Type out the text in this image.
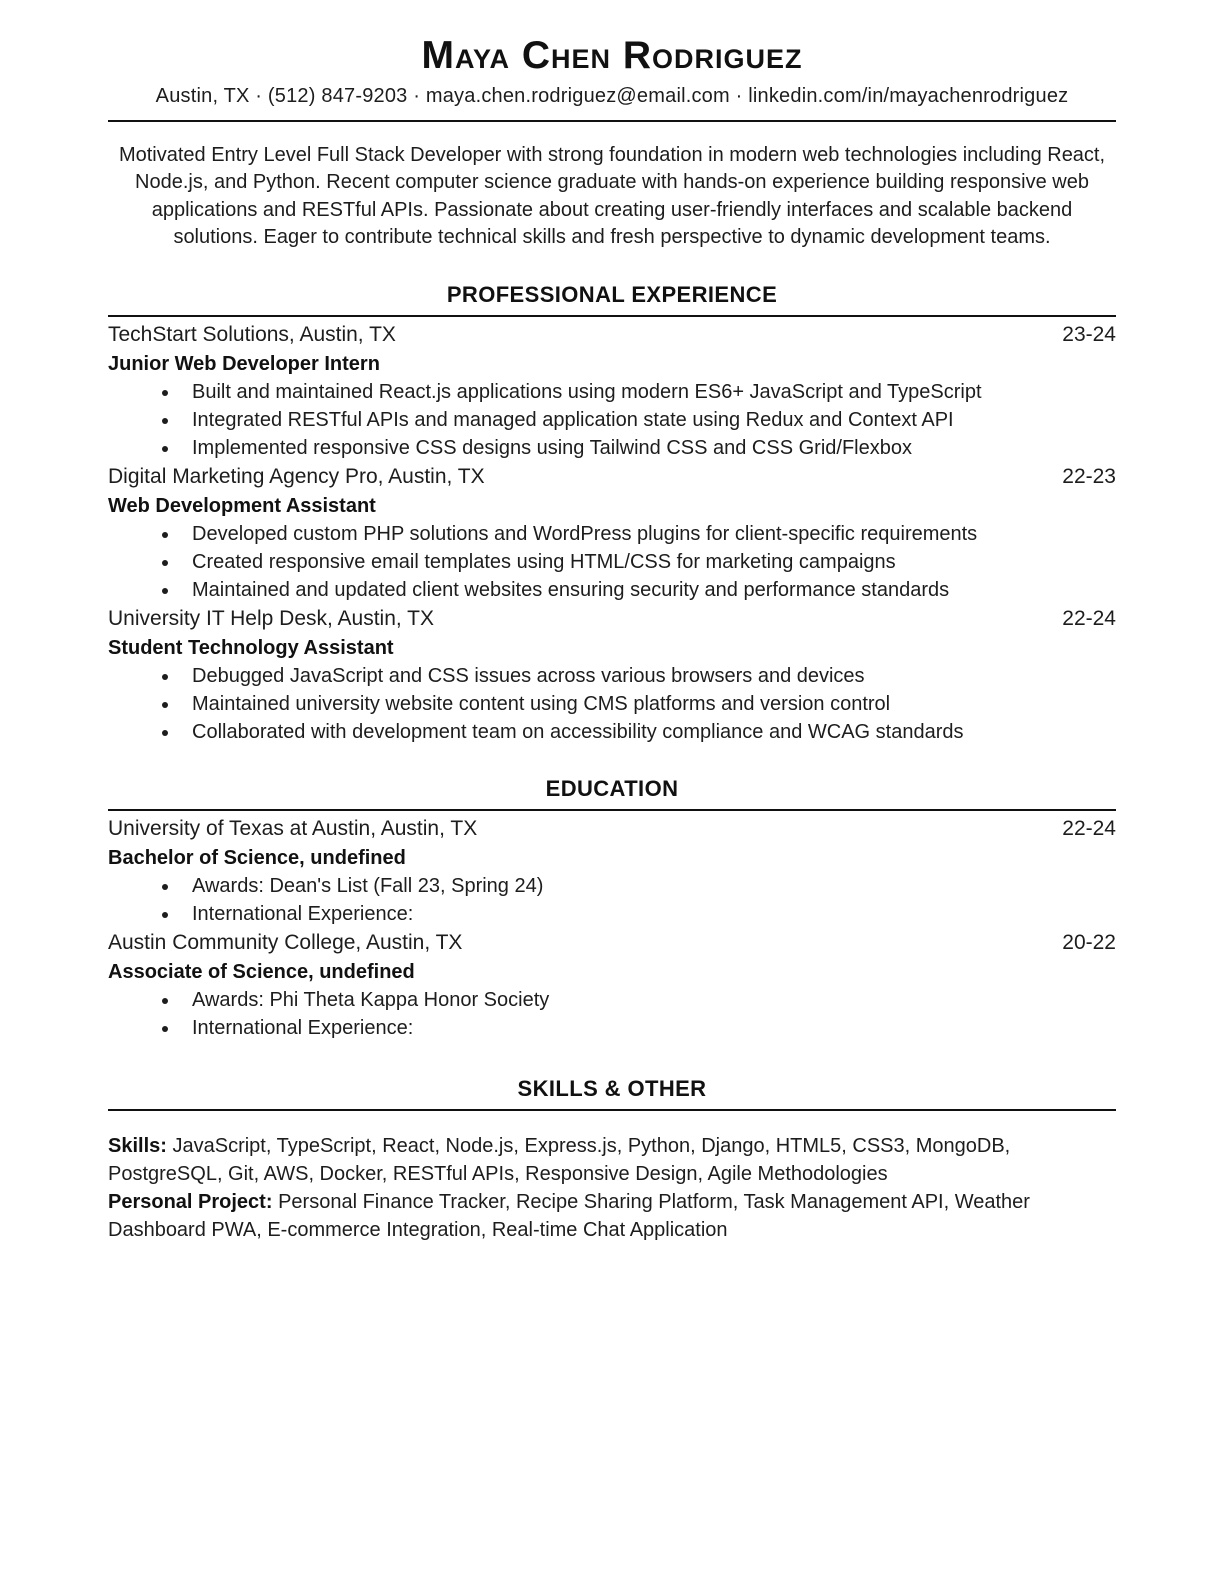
Maya Chen Rodriguez
Austin, TX · (512) 847-9203 · maya.chen.rodriguez@email.com · linkedin.com/in/mayachenrodriguez

Motivated Entry Level Full Stack Developer with strong foundation in modern web technologies including React, Node.js, and Python. Recent computer science graduate with hands-on experience building responsive web applications and RESTful APIs. Passionate about creating user-friendly interfaces and scalable backend solutions. Eager to contribute technical skills and fresh perspective to dynamic development teams.

PROFESSIONAL EXPERIENCE
TechStart Solutions, Austin, TX	23-24
Junior Web Developer Intern
• Built and maintained React.js applications using modern ES6+ JavaScript and TypeScript
• Integrated RESTful APIs and managed application state using Redux and Context API
• Implemented responsive CSS designs using Tailwind CSS and CSS Grid/Flexbox
Digital Marketing Agency Pro, Austin, TX	22-23
Web Development Assistant
• Developed custom PHP solutions and WordPress plugins for client-specific requirements
• Created responsive email templates using HTML/CSS for marketing campaigns
• Maintained and updated client websites ensuring security and performance standards
University IT Help Desk, Austin, TX	22-24
Student Technology Assistant
• Debugged JavaScript and CSS issues across various browsers and devices
• Maintained university website content using CMS platforms and version control
• Collaborated with development team on accessibility compliance and WCAG standards
EDUCATION
University of Texas at Austin, Austin, TX	22-24
Bachelor of Science, undefined
• Awards: Dean's List (Fall 23, Spring 24)
• International Experience:
Austin Community College, Austin, TX	20-22
Associate of Science, undefined
• Awards: Phi Theta Kappa Honor Society
• International Experience:
SKILLS & OTHER
Skills: JavaScript, TypeScript, React, Node.js, Express.js, Python, Django, HTML5, CSS3, MongoDB, PostgreSQL, Git, AWS, Docker, RESTful APIs, Responsive Design, Agile Methodologies
Personal Project: Personal Finance Tracker, Recipe Sharing Platform, Task Management API, Weather Dashboard PWA, E-commerce Integration, Real-time Chat Application
